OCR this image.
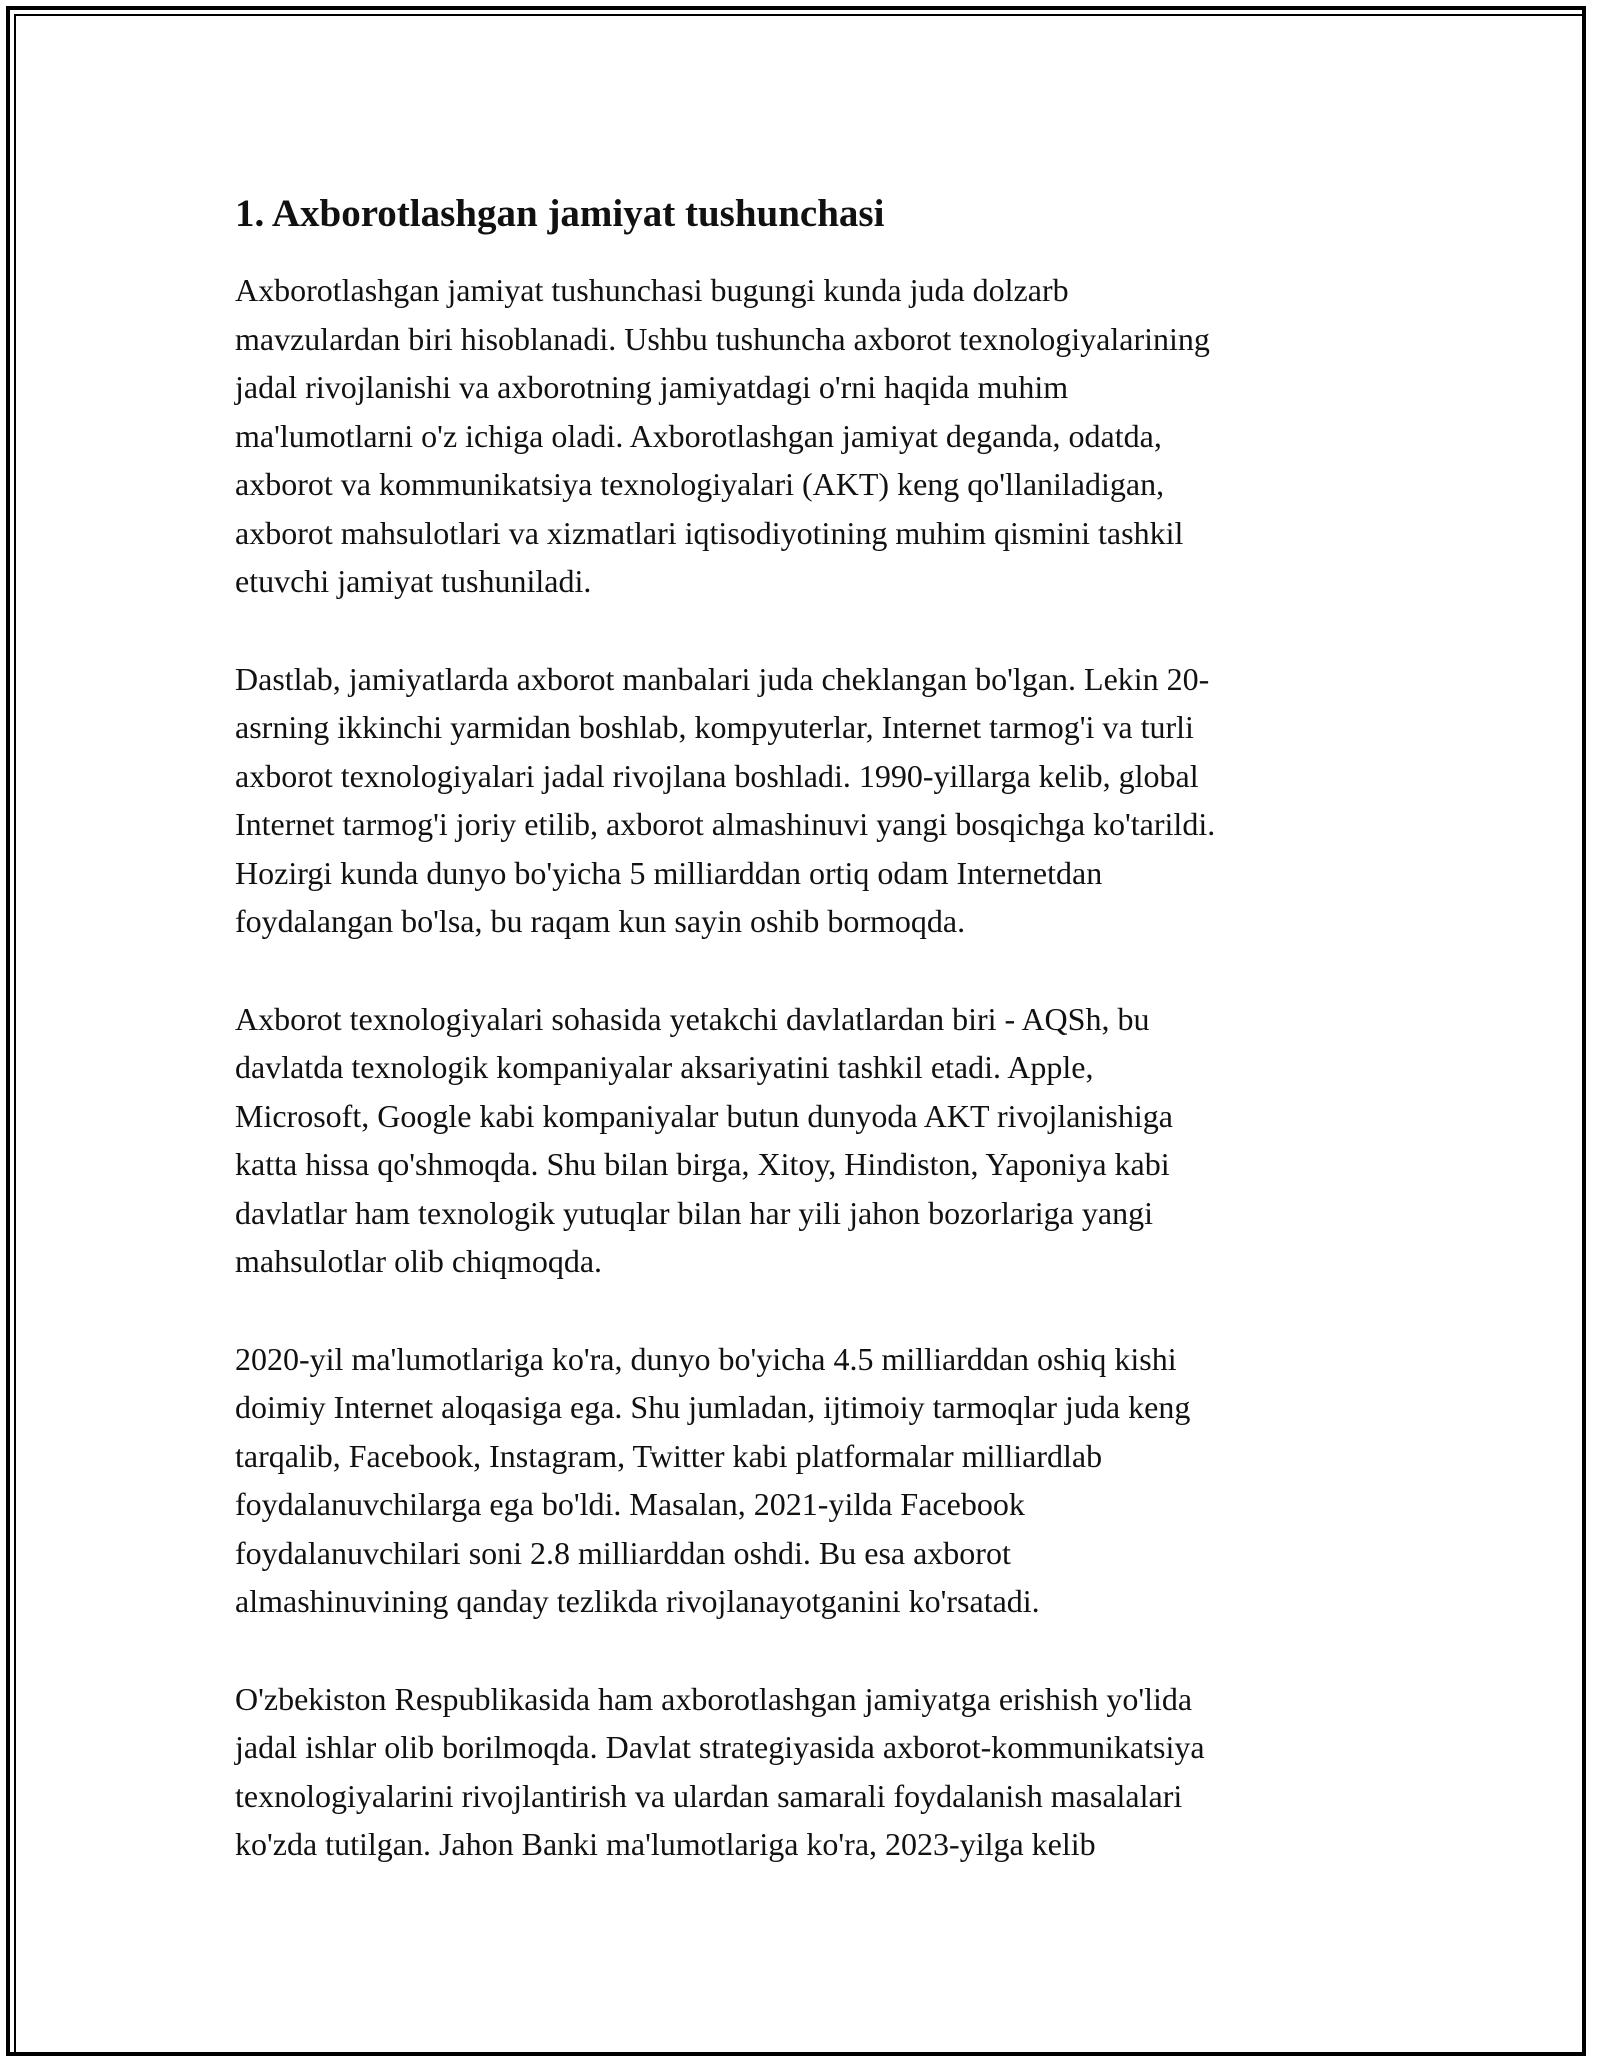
1. Axborotlashgan jamiyat tushunchasi

Axborotlashgan jamiyat tushunchasi bugungi kunda juda dolzarb
mavzulardan biri hisoblanadi. Ushbu tushuncha axborot texnologiyalarining
jadal rivojlanishi va axborotning jamiyatdagi o'rni haqida muhim
ma'lumotlarni o'z ichiga oladi. Axborotlashgan jamiyat deganda, odatda,
axborot va kommunikatsiya texnologiyalari (AKT) keng qo'llaniladigan,
axborot mahsulotlari va xizmatlari iqtisodiyotining muhim qismini tashkil
etuvchi jamiyat tushuniladi.

Dastlab, jamiyatlarda axborot manbalari juda cheklangan bo'lgan. Lekin 20-
asrning ikkinchi yarmidan boshlab, kompyuterlar, Internet tarmog'i va turli
axborot texnologiyalari jadal rivojlana boshladi. 1990-yillarga kelib, global
Internet tarmog'i joriy etilib, axborot almashinuvi yangi bosqichga ko'tarildi.
Hozirgi kunda dunyo bo'yicha 5 milliarddan ortiq odam Internetdan
foydalangan bo'lsa, bu raqam kun sayin oshib bormoqda.

Axborot texnologiyalari sohasida yetakchi davlatlardan biri - AQSh, bu
davlatda texnologik kompaniyalar aksariyatini tashkil etadi. Apple,
Microsoft, Google kabi kompaniyalar butun dunyoda AKT rivojlanishiga
katta hissa qo'shmoqda. Shu bilan birga, Xitoy, Hindiston, Yaponiya kabi
davlatlar ham texnologik yutuqlar bilan har yili jahon bozorlariga yangi
mahsulotlar olib chiqmoqda.

2020-yil ma'lumotlariga ko'ra, dunyo bo'yicha 4.5 milliarddan oshiq kishi
doimiy Internet aloqasiga ega. Shu jumladan, ijtimoiy tarmoqlar juda keng
tarqalib, Facebook, Instagram, Twitter kabi platformalar milliardlab
foydalanuvchilarga ega bo'ldi. Masalan, 2021-yilda Facebook
foydalanuvchilari soni 2.8 milliarddan oshdi. Bu esa axborot
almashinuvining qanday tezlikda rivojlanayotganini ko'rsatadi.

O'zbekiston Respublikasida ham axborotlashgan jamiyatga erishish yo'lida
jadal ishlar olib borilmoqda. Davlat strategiyasida axborot-kommunikatsiya
texnologiyalarini rivojlantirish va ulardan samarali foydalanish masalalari
ko'zda tutilgan. Jahon Banki ma'lumotlariga ko'ra, 2023-yilga kelib
